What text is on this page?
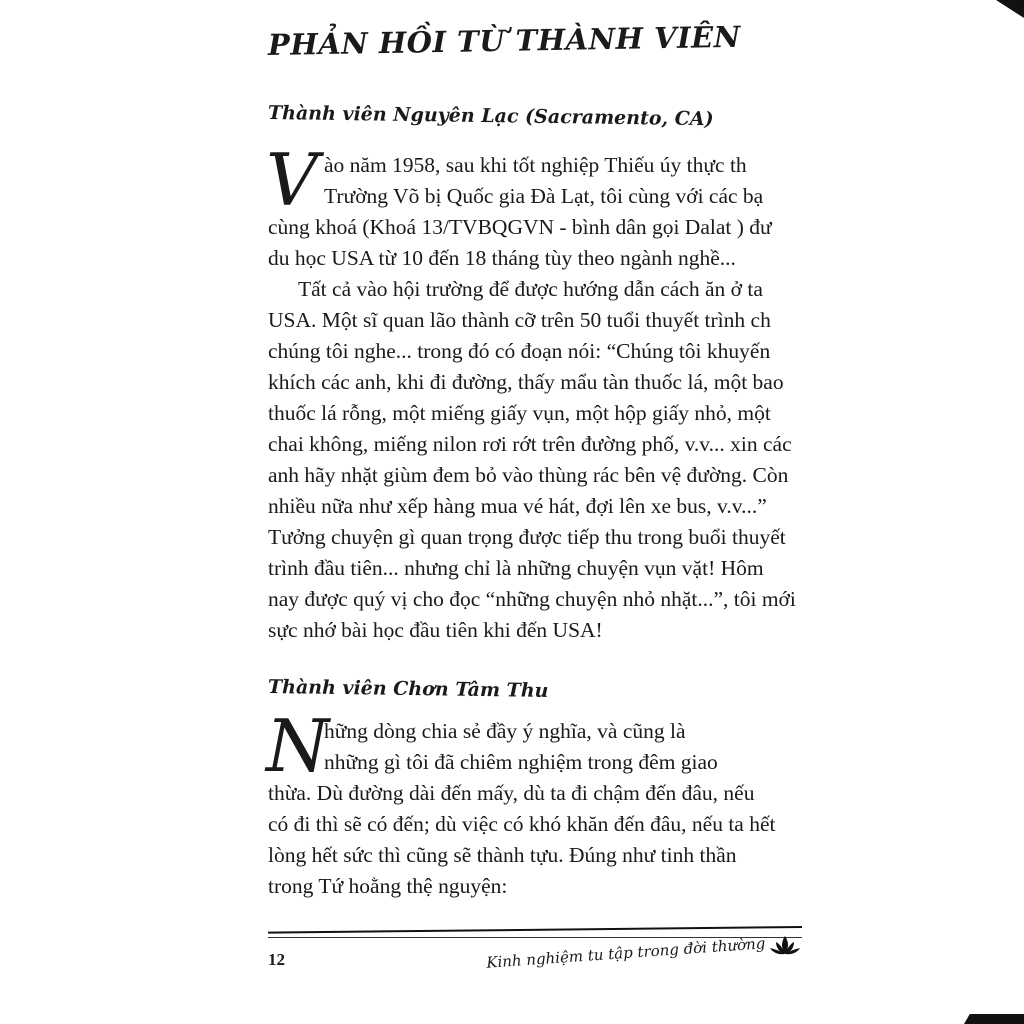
PHẢN HỒI TỪ THÀNH VIÊN
Thành viên Nguyên Lạc (Sacramento, CA)
V ào năm 1958, sau khi tốt nghiệp Thiếu úy thực th
Trường Võ bị Quốc gia Đà Lạt, tôi cùng với các bạ
cùng khoá (Khoá 13/TVBQGVN - bình dân gọi Dalat ) đư
du học USA từ 10 đến 18 tháng tùy theo ngành nghề...

Tất cả vào hội trường để được hướng dẫn cách ăn ở ta
USA. Một sĩ quan lão thành cỡ trên 50 tuổi thuyết trình ch
chúng tôi nghe... trong đó có đoạn nói: “Chúng tôi khuyến
khích các anh, khi đi đường, thấy mẩu tàn thuốc lá, một bao
thuốc lá rỗng, một miếng giấy vụn, một hộp giấy nhỏ, một
chai không, miếng nilon rơi rớt trên đường phố, v.v... xin các
anh hãy nhặt giùm đem bỏ vào thùng rác bên vệ đường. Còn
nhiều nữa như xếp hàng mua vé hát, đợi lên xe bus, v.v...”
Tưởng chuyện gì quan trọng được tiếp thu trong buổi thuyết
trình đầu tiên... nhưng chỉ là những chuyện vụn vặt! Hôm
nay được quý vị cho đọc “những chuyện nhỏ nhặt...”, tôi mới
sực nhớ bài học đầu tiên khi đến USA!

Thành viên Chơn Tâm Thu
N

hững dòng chia sẻ đầy ý nghĩa, và cũng là
những gì tôi đã chiêm nghiệm trong đêm giao
thừa. Dù đường dài đến mấy, dù ta đi chậm đến đâu, nếu
có đi thì sẽ có đến; dù việc có khó khăn đến đâu, nếu ta hết
lòng hết sức thì cũng sẽ thành tựu. Đúng như tinh thần
trong Tứ hoằng thệ nguyện:

12	Kinh nghiệm tu tập trong đời thường
